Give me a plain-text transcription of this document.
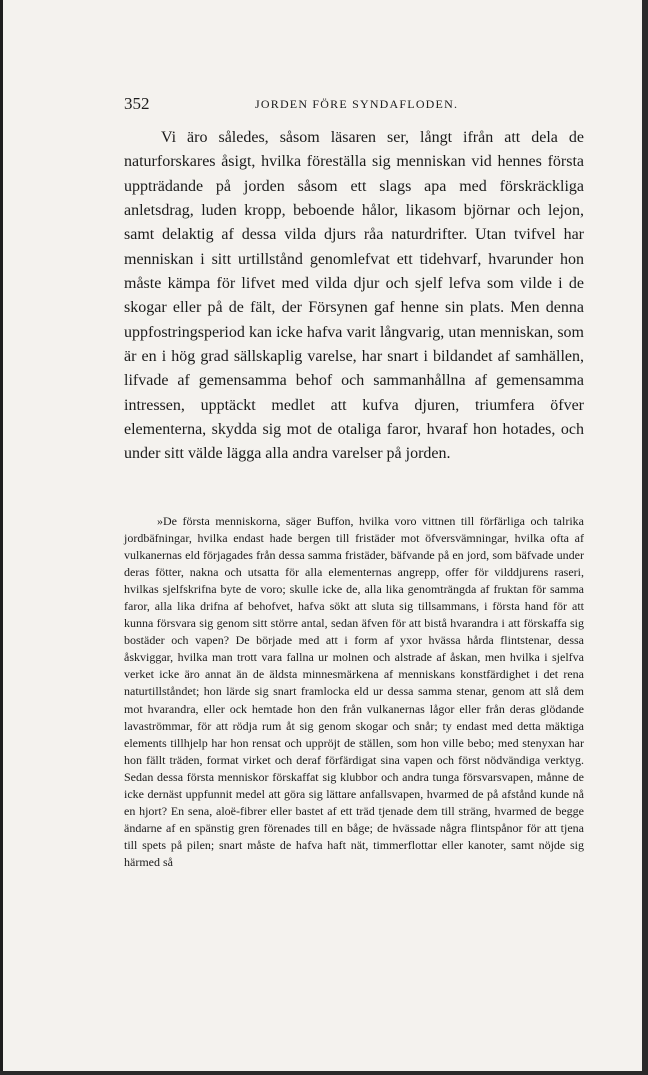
352	JORDEN FÖRE SYNDAFLODEN.

Vi äro således, såsom läsaren ser, långt ifrån att dela de naturforskares åsigt, hvilka föreställa sig menniskan vid hennes första uppträdande på jorden såsom ett slags apa med förskräckliga anletsdrag, luden kropp, beboende hålor, likasom björnar och lejon, samt delaktig af dessa vilda djurs råa naturdrifter. Utan tvifvel har menniskan i sitt urtillstånd genomlefvat ett tidehvarf, hvarunder hon måste kämpa för lifvet med vilda djur och sjelf lefva som vilde i de skogar eller på de fält, der Försynen gaf henne sin plats. Men denna uppfostringsperiod kan icke hafva varit långvarig, utan menniskan, som är en i hög grad sällskaplig varelse, har snart i bildandet af samhällen, lifvade af gemensamma behof och sammanhållna af gemensamma intressen, upptäckt medlet att kufva djuren, triumfera öfver elementerna, skydda sig mot de otaliga faror, hvaraf hon hotades, och under sitt välde lägga alla andra varelser på jorden.

»De första menniskorna, säger Buffon, hvilka voro vittnen till förfärliga och talrika jordbäfningar, hvilka endast hade bergen till fristäder mot öfversvämningar, hvilka ofta af vulkanernas eld förjagades från dessa samma fristäder, bäfvande på en jord, som bäfvade under deras fötter, nakna och utsatta för alla elementernas angrepp, offer för vilddjurens raseri, hvilkas sjelfskrifna byte de voro; skulle icke de, alla lika genomträngda af fruktan för samma faror, alla lika drifna af behofvet, hafva sökt att sluta sig tillsammans, i första hand för att kunna försvara sig genom sitt större antal, sedan äfven för att bistå hvarandra i att förskaffa sig bostäder och vapen? De började med att i form af yxor hvässa hårda flintstenar, dessa åskviggar, hvilka man trott vara fallna ur molnen och alstrade af åskan, men hvilka i sjelfva verket icke äro annat än de äldsta minnesmärkena af menniskans konstfärdighet i det rena naturtillståndet; hon lärde sig snart framlocka eld ur dessa samma stenar, genom att slå dem mot hvarandra, eller ock hemtade hon den från vulkanernas lågor eller från deras glödande lavaströmmar, för att rödja rum åt sig genom skogar och snår; ty endast med detta mäktiga elements tillhjelp har hon rensat och uppröjt de ställen, som hon ville bebo; med stenyxan har hon fällt träden, format virket och deraf förfärdigat sina vapen och först nödvändiga verktyg. Sedan dessa första menniskor förskaffat sig klubbor och andra tunga försvarsvapen, månne de icke dernäst uppfunnit medel att göra sig lättare anfallsvapen, hvarmed de på afstånd kunde nå en hjort? En sena, aloë-fibrer eller bastet af ett träd tjenade dem till sträng, hvarmed de begge ändarne af en spänstig gren förenades till en båge; de hvässade några flintspånor för att tjena till spets på pilen; snart måste de hafva haft nät, timmerflottar eller kanoter, samt nöjde sig härmed så
